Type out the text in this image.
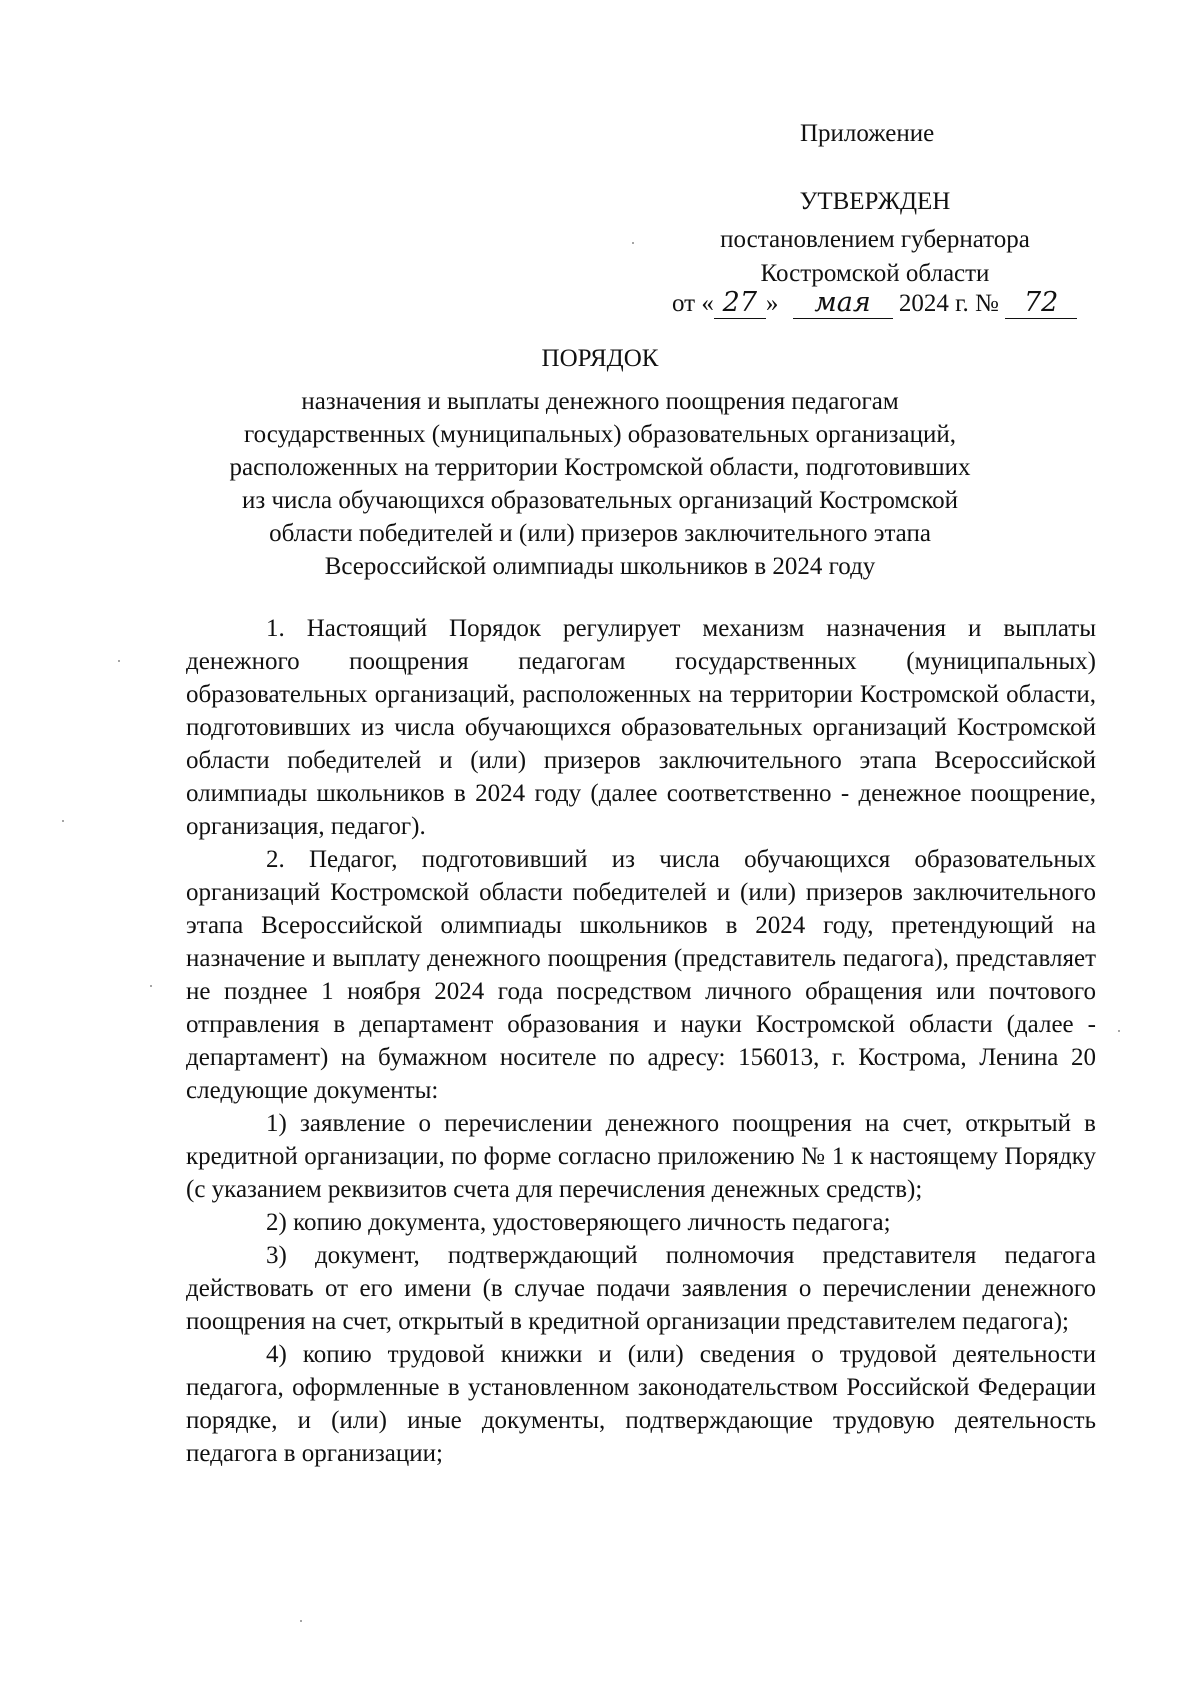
Приложение
УТВЕРЖДЕН
постановлением губернатора
Костромской области
от « 27 » мая 2024 г. № 72
ПОРЯДОК
назначения и выплаты денежного поощрения педагогам
государственных (муниципальных) образовательных организаций,
расположенных на территории Костромской области, подготовивших
из числа обучающихся образовательных организаций Костромской
области победителей и (или) призеров заключительного этапа
Всероссийской олимпиады школьников в 2024 году

1. Настоящий Порядок регулирует механизм назначения и выплаты денежного поощрения педагогам государственных (муниципальных) образовательных организаций, расположенных на территории Костромской области, подготовивших из числа обучающихся образовательных организаций Костромской области победителей и (или) призеров заключительного этапа Всероссийской олимпиады школьников в 2024 году (далее соответственно - денежное поощрение, организация, педагог).

2. Педагог, подготовивший из числа обучающихся образовательных организаций Костромской области победителей и (или) призеров заключительного этапа Всероссийской олимпиады школьников в 2024 году, претендующий на назначение и выплату денежного поощрения (представитель педагога), представляет не позднее 1 ноября 2024 года посредством личного обращения или почтового отправления в департамент образования и науки Костромской области (далее - департамент) на бумажном носителе по адресу: 156013, г. Кострома, Ленина 20 следующие документы:

1) заявление о перечислении денежного поощрения на счет, открытый в кредитной организации, по форме согласно приложению № 1 к настоящему Порядку (с указанием реквизитов счета для перечисления денежных средств);

2) копию документа, удостоверяющего личность педагога;

3) документ, подтверждающий полномочия представителя педагога действовать от его имени (в случае подачи заявления о перечислении денежного поощрения на счет, открытый в кредитной организации представителем педагога);

4) копию трудовой книжки и (или) сведения о трудовой деятельности педагога, оформленные в установленном законодательством Российской Федерации порядке, и (или) иные документы, подтверждающие трудовую деятельность педагога в организации;
